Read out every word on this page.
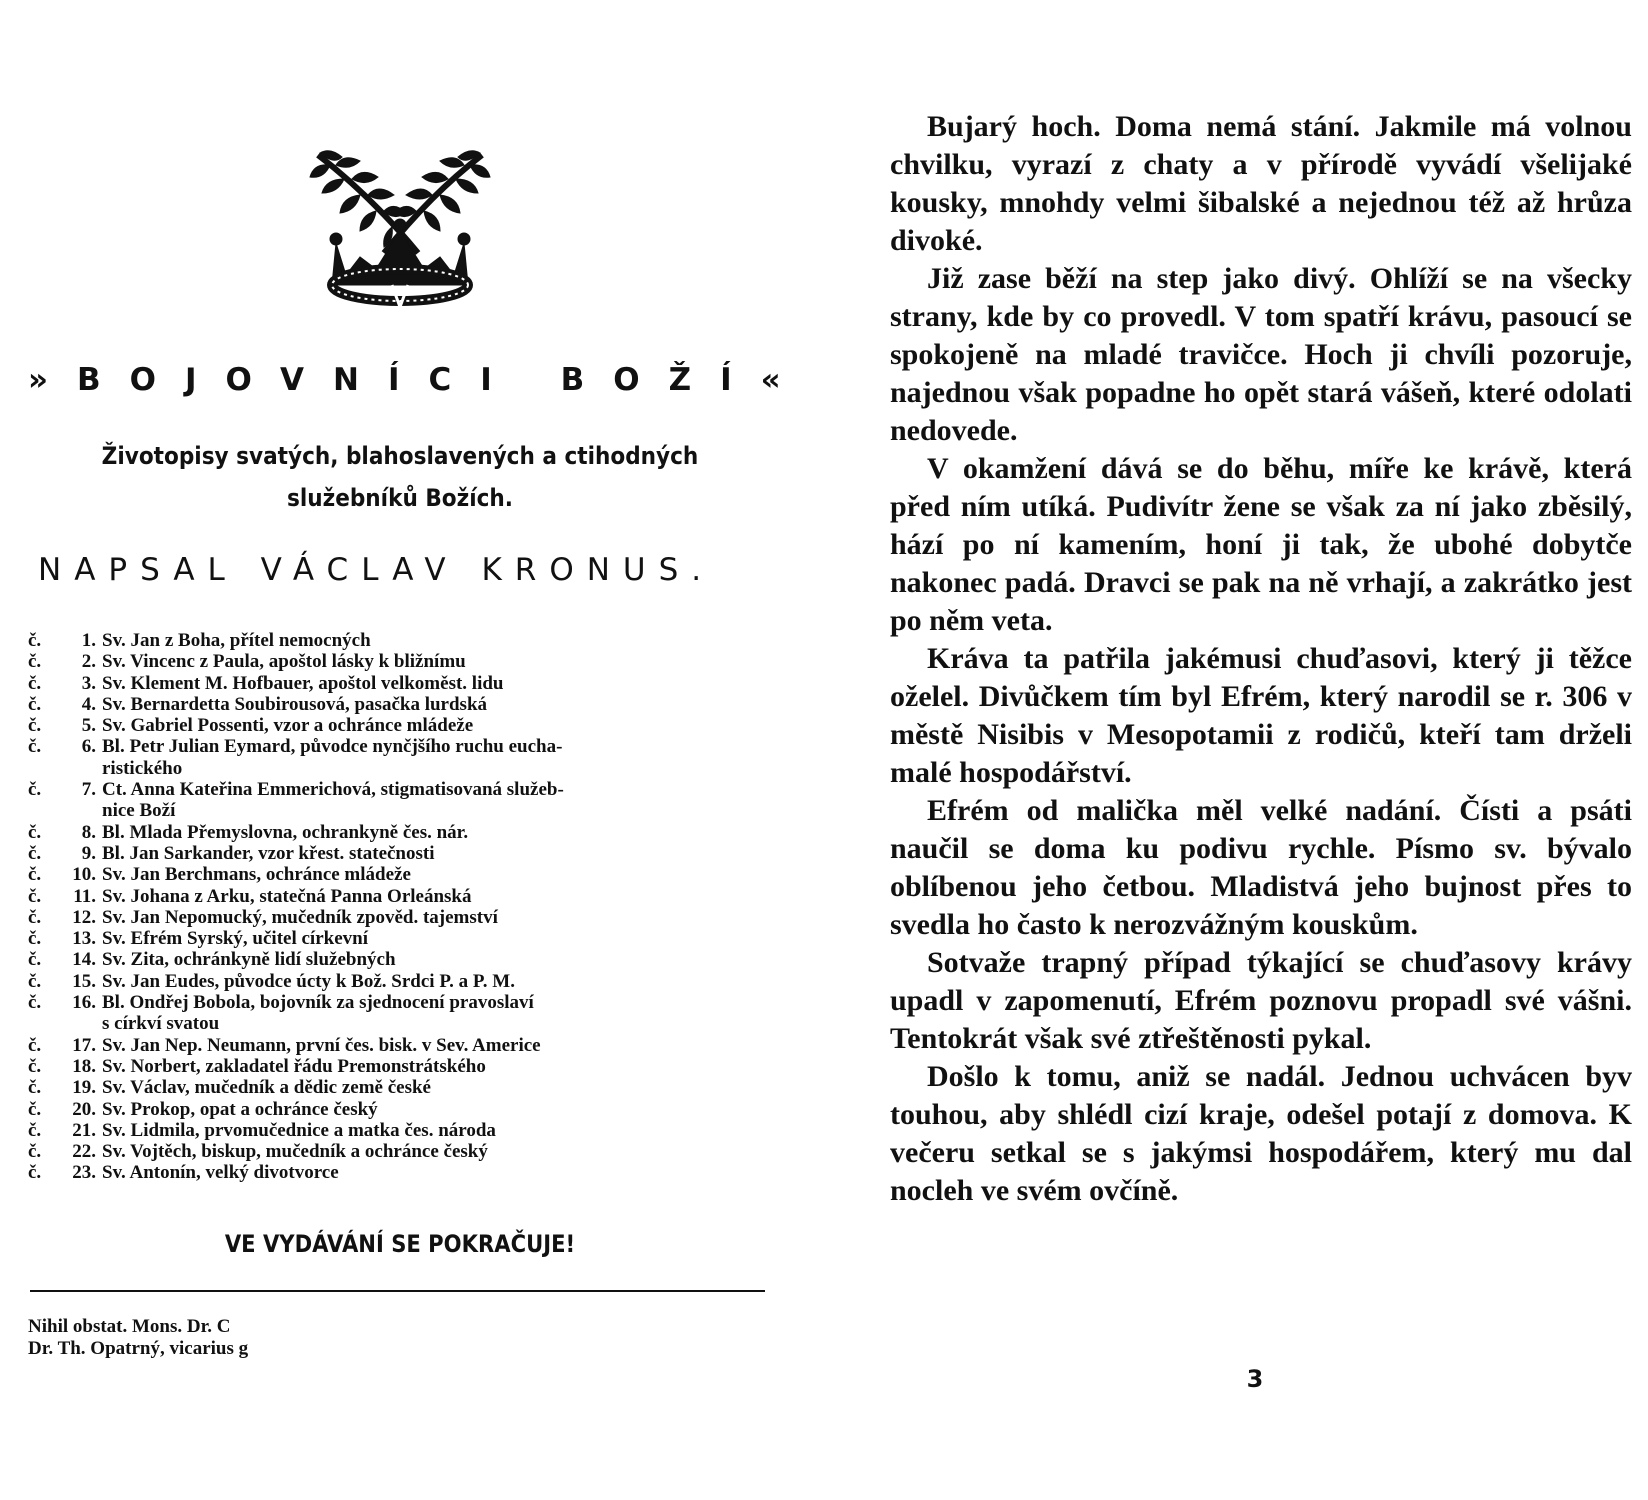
»BOJOVNÍCI BOŽÍ«
Životopisy svatých, blahoslavených a ctihodných
služebníků Božích.
NAPSAL VÁCLAV KRONUS.
č.	1. Sv. Jan z Boha, přítel nemocných
č.	2. Sv. Vincenc z Paula, apoštol lásky k bližnímu
č.	3. Sv. Klement M. Hofbauer, apoštol velkoměst. lidu
č.	4. Sv. Bernardetta Soubirousová, pasačka lurdská
č.	5. Sv. Gabriel Possenti, vzor a ochránce mládeže
č.	6. Bl. Petr Julian Eymard, původce nynčjšího ruchu eucha-
ristického
č.	7. Ct. Anna Kateřina Emmerichová, stigmatisovaná služeb-
nice Boží
č.	8. Bl. Mlada Přemyslovna, ochrankyně čes. nár.
č.	9. Bl. Jan Sarkander, vzor křest. statečnosti
č.	10. Sv. Jan Berchmans, ochránce mládeže
č.	11. Sv. Johana z Arku, statečná Panna Orleánská
č.	12. Sv. Jan Nepomucký, mučedník zpověd. tajemství
č.	13. Sv. Efrém Syrský, učitel církevní
č.	14. Sv. Zita, ochránkyně lidí služebných
č.	15. Sv. Jan Eudes, původce úcty k Bož. Srdci P. a P. M.
č.	16. Bl. Ondřej Bobola, bojovník za sjednocení pravoslaví
s církví svatou
č.	17. Sv. Jan Nep. Neumann, první čes. bisk. v Sev. Americe
č.	18. Sv. Norbert, zakladatel řádu Premonstrátského
č.	19. Sv. Václav, mučedník a dědic země české
č.	20. Sv. Prokop, opat a ochránce český
č.	21. Sv. Lidmila, prvomučednice a matka čes. národa
č.	22. Sv. Vojtěch, biskup, mučedník a ochránce český
č.	23. Sv. Antonín, velký divotvorce
VE VYDÁVÁNÍ SE POKRAČUJE!
Nihil obstat. Mons. Dr. C
Dr. Th. Opatrný, vicarius g

Bujarý hoch. Doma nemá stání. Jakmile má volnou chvilku, vyrazí z chaty a v přírodě vyvádí všelijaké kousky, mnohdy velmi šibalské a nejednou též až hrůza divoké.

Již zase běží na step jako divý. Ohlíží se na všecky strany, kde by co provedl. V tom spatří krávu, pasoucí se spokojeně na mladé travičce. Hoch ji chvíli pozoruje, najednou však popadne ho opět stará vášeň, které odolati nedovede.

V okamžení dává se do běhu, míře ke krávě, která před ním utíká. Pudivítr žene se však za ní jako zběsilý, hází po ní kamením, honí ji tak, že ubohé dobytče nakonec padá. Dravci se pak na ně vrhají, a zakrátko jest po něm veta.

Kráva ta patřila jakémusi chuďasovi, který ji těžce oželel. Divůčkem tím byl Efrém, který narodil se r. 306 v městě Nisibis v Mesopotamii z rodičů, kteří tam drželi malé hospodářství.

Efrém od malička měl velké nadání. Čísti a psáti naučil se doma ku podivu rychle. Písmo sv. bývalo oblíbenou jeho četbou. Mladistvá jeho bujnost přes to svedla ho často k nerozvážným kouskům.

Sotvaže trapný případ týkající se chuďasovy krávy upadl v zapomenutí, Efrém poznovu propadl své vášni. Tentokrát však své ztřeštěnosti pykal.

Došlo k tomu, aniž se nadál. Jednou uchvácen byv touhou, aby shlédl cizí kraje, odešel potají z domova. K večeru setkal se s jakýmsi hospodářem, který mu dal nocleh ve svém ovčíně.

3
